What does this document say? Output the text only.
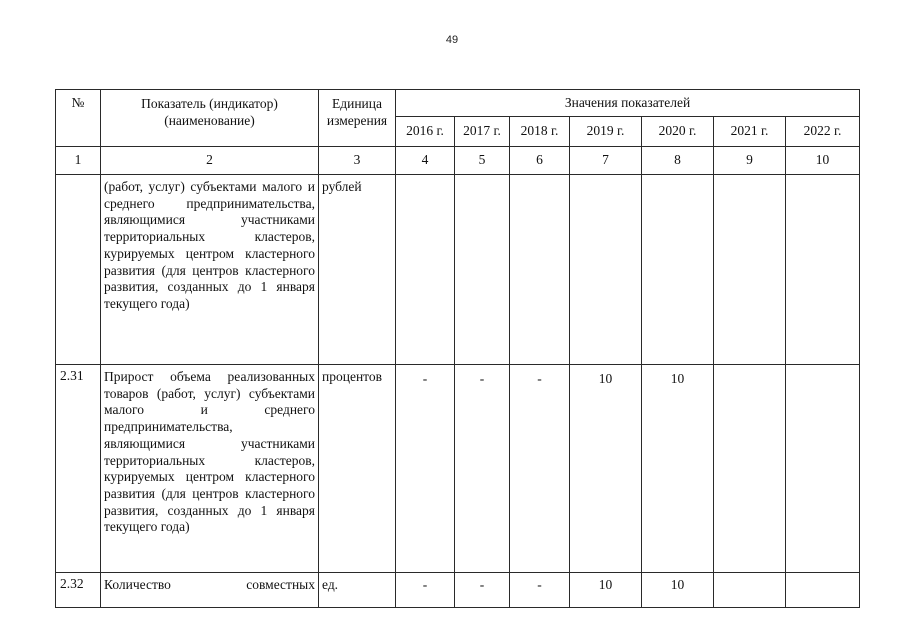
49
№	Показатель (индикатор) (наименование)	Единица измерения	Значения показателей						
			2016 г.	2017 г.	2018 г.	2019 г.	2020 г.	2021 г.	2022 г.
1	2	3	4	5	6	7	8	9	10
	(работ, услуг) субъектами малого и среднего предпринимательства, являющимися участниками территориальных кластеров, курируемых центром кластерного развития (для центров кластерного развития, созданных до 1 января текущего года)	рублей							
2.31	Прирост объема реализованных товаров (работ, услуг) субъектами малого и среднего предпринимательства, являющимися участниками территориальных кластеров, курируемых центром кластерного развития (для центров кластерного развития, созданных до 1 января текущего года)	процентов	-	-	-	10	10		
2.32	Количество совместных	ед.	-	-	-	10	10		
